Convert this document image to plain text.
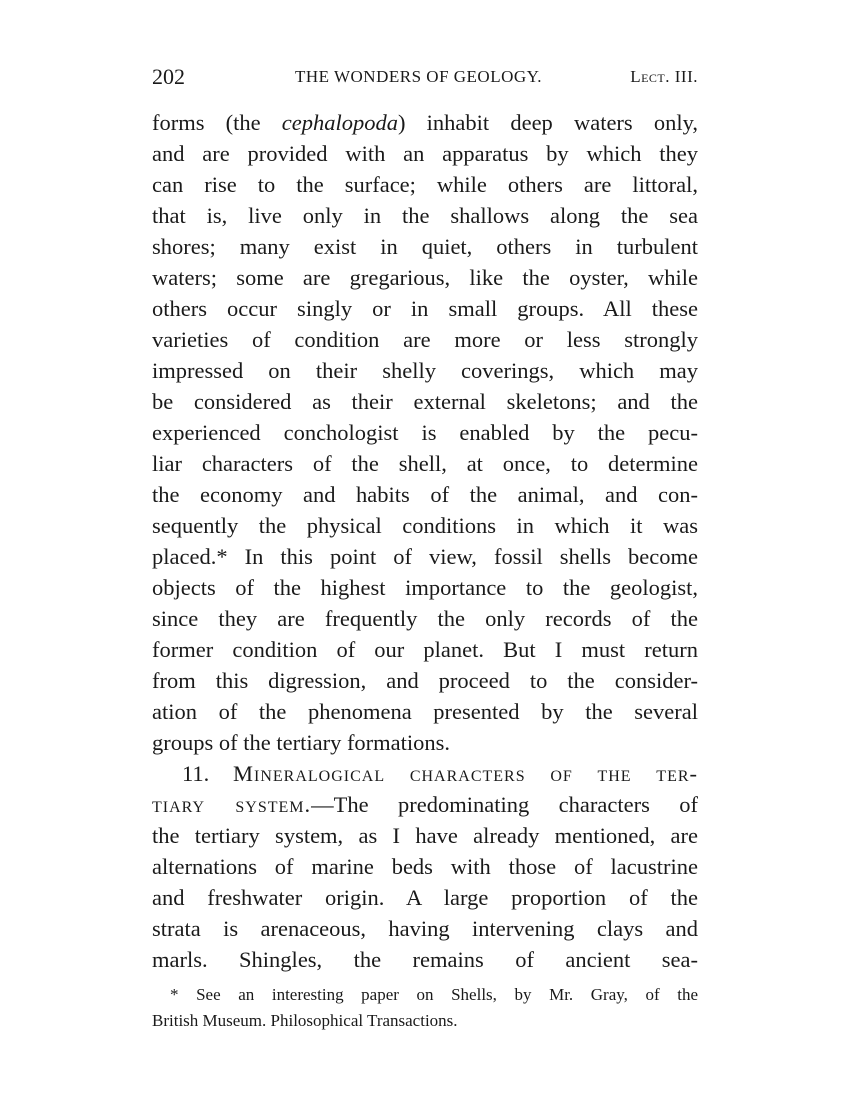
202	THE WONDERS OF GEOLOGY.	Lect. III.
forms (the cephalopoda) inhabit deep waters only,
and are provided with an apparatus by which they
can rise to the surface; while others are littoral,
that is, live only in the shallows along the sea
shores; many exist in quiet, others in turbulent
waters; some are gregarious, like the oyster, while
others occur singly or in small groups. All these
varieties of condition are more or less strongly
impressed on their shelly coverings, which may
be considered as their external skeletons; and the
experienced conchologist is enabled by the pecu-
liar characters of the shell, at once, to determine
the economy and habits of the animal, and con-
sequently the physical conditions in which it was
placed.* In this point of view, fossil shells become
objects of the highest importance to the geologist,
since they are frequently the only records of the
former condition of our planet. But I must return
from this digression, and proceed to the consider-
ation of the phenomena presented by the several
groups of the tertiary formations.
11. Mineralogical characters of the ter-
tiary system.—The predominating characters of
the tertiary system, as I have already mentioned, are
alternations of marine beds with those of lacustrine
and freshwater origin. A large proportion of the
strata is arenaceous, having intervening clays and
marls. Shingles, the remains of ancient sea-
* See an interesting paper on Shells, by Mr. Gray, of the
British Museum. Philosophical Transactions.
